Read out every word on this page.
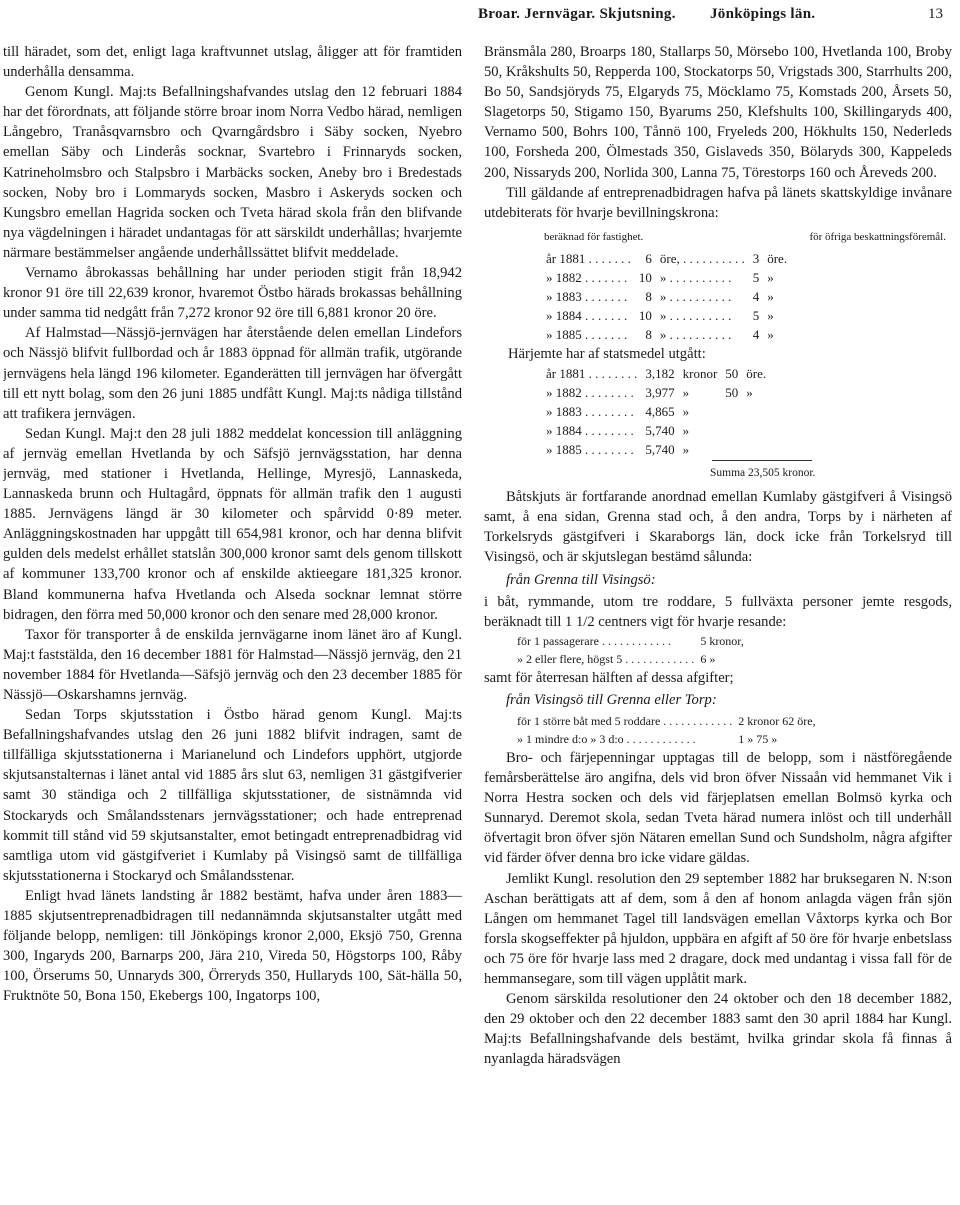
Broar. Jernvägar. Skjutsning. Jönköpings län.	13

till häradet, som det, enligt laga kraftvunnet utslag, åligger att för framtiden underhålla densamma.

Genom Kungl. Maj:ts Befallningshafvandes utslag den 12 februari 1884 har det förordnats, att följande större broar inom Norra Vedbo härad, nemligen Långebro, Tranåsqvarnsbro och Qvarngårdsbro i Säby socken, Nyebro emellan Säby och Linderås socknar, Svartebro i Frinnaryds socken, Katrineholmsbro och Stalpsbro i Marbäcks socken, Aneby bro i Bredestads socken, Noby bro i Lommaryds socken, Masbro i Askeryds socken och Kungsbro emellan Hagrida socken och Tveta härad skola från den blifvande nya vägdelningen i häradet undantagas för att särskildt underhållas; hvarjemte närmare bestämmelser angående underhållssättet blifvit meddelade.

Vernamo åbrokassas behållning har under perioden stigit från 18,942 kronor 91 öre till 22,639 kronor, hvaremot Östbo härads brokassas behållning under samma tid nedgått från 7,272 kronor 92 öre till 6,881 kronor 20 öre.

Af Halmstad—Nässjö-jernvägen har återstående delen emellan Lindefors och Nässjö blifvit fullbordad och år 1883 öppnad för allmän trafik, utgörande jernvägens hela längd 196 kilometer. Eganderätten till jernvägen har öfvergått till ett nytt bolag, som den 26 juni 1885 undfått Kungl. Maj:ts nådiga tillstånd att trafikera jernvägen.

Sedan Kungl. Maj:t den 28 juli 1882 meddelat koncession till anläggning af jernväg emellan Hvetlanda by och Säfsjö jernvägsstation, har denna jernväg, med stationer i Hvetlanda, Hellinge, Myresjö, Lannaskeda, Lannaskeda brunn och Hultagård, öppnats för allmän trafik den 1 augusti 1885. Jernvägens längd är 30 kilometer och spårvidd 0·89 meter. Anläggningskostnaden har uppgått till 654,981 kronor, och har denna blifvit gulden dels medelst erhållet statslån 300,000 kronor samt dels genom tillskott af kommuner 133,700 kronor och af enskilde aktieegare 181,325 kronor. Bland kommunerna hafva Hvetlanda och Alseda socknar lemnat större bidragen, den förra med 50,000 kronor och den senare med 28,000 kronor.

Taxor för transporter å de enskilda jernvägarne inom länet äro af Kungl. Maj:t faststälda, den 16 december 1881 för Halmstad—Nässjö jernväg, den 21 november 1884 för Hvetlanda—Säfsjö jernväg och den 23 december 1885 för Nässjö—Oskarshamns jernväg.

Sedan Torps skjutsstation i Östbo härad genom Kungl. Maj:ts Befallningshafvandes utslag den 26 juni 1882 blifvit indragen, samt de tillfälliga skjutsstationerna i Marianelund och Lindefors upphört, utgjorde skjutsanstalternas i länet antal vid 1885 års slut 63, nemligen 31 gästgifverier samt 30 ständiga och 2 tillfälliga skjutsstationer, de sistnämnda vid Stockaryds och Smålandsstenars jernvägsstationer; och hade entreprenad kommit till stånd vid 59 skjutsanstalter, emot betingadt entreprenadbidrag vid samtliga utom vid gästgifveriet i Kumlaby på Visingsö samt de tillfälliga skjutsstationerna i Stockaryd och Smålandsstenar.

Enligt hvad länets landsting år 1882 bestämt, hafva under åren 1883—1885 skjutsentreprenadbidragen till nedannämnda skjutsanstalter utgått med följande belopp, nemligen: till Jönköpings kronor 2,000, Eksjö 750, Grenna 300, Ingaryds 200, Barnarps 200, Jära 210, Vireda 50, Högstorps 100, Råby 100, Örserums 50, Unnaryds 300, Örreryds 350, Hullaryds 100, Sät-hälla 50, Fruktnöte 50, Bona 150, Ekebergs 100, Ingatorps 100,

Bränsmåla 280, Broarps 180, Stallarps 50, Mörsebo 100, Hvetlanda 100, Broby 50, Kråkshults 50, Repperda 100, Stockatorps 50, Vrigstads 300, Starrhults 200, Bo 50, Sandsjöryds 75, Elgaryds 75, Möcklamo 75, Komstads 200, Årsets 50, Slagetorps 50, Stigamo 150, Byarums 250, Klefshults 100, Skillingaryds 400, Vernamo 500, Bohrs 100, Tånnö 100, Fryeleds 200, Hökhults 150, Nederleds 100, Forsheda 200, Ölmestads 350, Gislaveds 350, Bölaryds 300, Kappeleds 200, Nissaryds 200, Norlida 300, Lanna 75, Törestorps 160 och Åreveds 200.

Till gäldande af entreprenadbidragen hafva på länets skattskyldige invånare utdebiterats för hvarje bevillningskrona:

beräknad för fastighet.	för öfriga beskattningsföremål.
år 1881 . . . . . . .	6	öre, . . . . . . . . . .	3	öre.
» 1882 . . . . . . .	10	» . . . . . . . . . .	5	»
» 1883 . . . . . . .	8	» . . . . . . . . . .	4	»
» 1884 . . . . . . .	10	» . . . . . . . . . .	5	»
» 1885 . . . . . . .	8	» . . . . . . . . . .	4	»

Härjemte har af statsmedel utgått:

år 1881 . . . . . . . .	3,182	kronor	50	öre.
» 1882 . . . . . . . .	3,977	»	50	»
» 1883 . . . . . . . .	4,865	»		
» 1884 . . . . . . . .	5,740	»		
» 1885 . . . . . . . .	5,740	»		
Summa 23,505 kronor.

Båtskjuts är fortfarande anordnad emellan Kumlaby gästgifveri å Visingsö samt, å ena sidan, Grenna stad och, å den andra, Torps by i närheten af Torkelsryds gästgifveri i Skaraborgs län, dock icke från Torkelsryd till Visingsö, och är skjutslegan bestämd sålunda:

från Grenna till Visingsö:

i båt, rymmande, utom tre roddare, 5 fullväxta personer jemte resgods, beräknadt till 1 1/2 centners vigt för hvarje resande:

för 1 passagerare . . . . . . . . . . . .	5 kronor,
» 2 eller flere, högst 5 . . . . . . . . . . . .	6 »

samt för återresan hälften af dessa afgifter;

från Visingsö till Grenna eller Torp:

för 1 större båt med 5 roddare . . . . . . . . . . . .	2 kronor 62 öre,
» 1 mindre d:o » 3 d:o . . . . . . . . . . . .	1 » 75 »

Bro- och färjepenningar upptagas till de belopp, som i nästföregående femårsberättelse äro angifna, dels vid bron öfver Nissaån vid hemmanet Vik i Norra Hestra socken och dels vid färjeplatsen emellan Bolmsö kyrka och Sunnaryd. Deremot skola, sedan Tveta härad numera inlöst och till underhåll öfvertagit bron öfver sjön Nätaren emellan Sund och Sundsholm, några afgifter vid färder öfver denna bro icke vidare gäldas.

Jemlikt Kungl. resolution den 29 september 1882 har bruksegaren N. N:son Aschan berättigats att af dem, som å den af honom anlagda vägen från sjön Lången om hemmanet Tagel till landsvägen emellan Våxtorps kyrka och Bor forsla skogseffekter på hjuldon, uppbära en afgift af 50 öre för hvarje enbetslass och 75 öre för hvarje lass med 2 dragare, dock med undantag i vissa fall för de hemmansegare, som till vägen upplåtit mark.

Genom särskilda resolutioner den 24 oktober och den 18 december 1882, den 29 oktober och den 22 december 1883 samt den 30 april 1884 har Kungl. Maj:ts Befallningshafvande dels bestämt, hvilka grindar skola få finnas å nyanlagda häradsvägen
